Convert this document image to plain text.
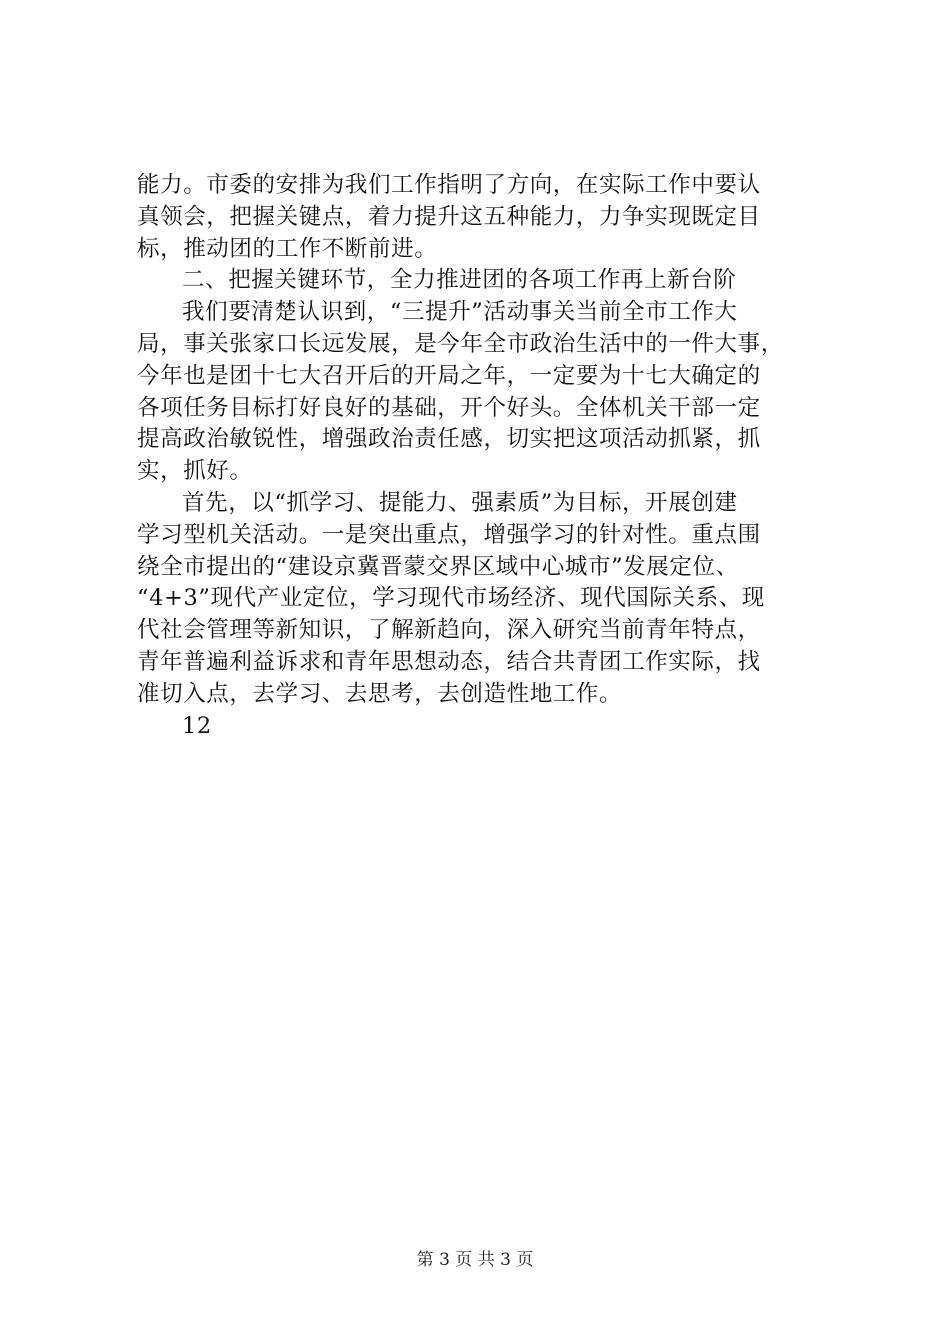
能力。市委的安排为我们工作指明了方向，在实际工作中要认
真领会，把握关键点，着力提升这五种能力，力争实现既定目
标，推动团的工作不断前进。
二、把握关键环节，全力推进团的各项工作再上新台阶
我们要清楚认识到，“三提升”活动事关当前全市工作大
局，事关张家口长远发展，是今年全市政治生活中的一件大事，
今年也是团十七大召开后的开局之年，一定要为十七大确定的
各项任务目标打好良好的基础，开个好头。全体机关干部一定
提高政治敏锐性，增强政治责任感，切实把这项活动抓紧，抓
实，抓好。
首先，以“抓学习、提能力、强素质”为目标，开展创建
学习型机关活动。一是突出重点，增强学习的针对性。重点围
绕全市提出的“建设京冀晋蒙交界区域中心城市”发展定位、
“4+3”现代产业定位，学习现代市场经济、现代国际关系、现
代社会管理等新知识，了解新趋向，深入研究当前青年特点，
青年普遍利益诉求和青年思想动态，结合共青团工作实际，找
准切入点，去学习、去思考，去创造性地工作。
12
第 3 页 共 3 页
